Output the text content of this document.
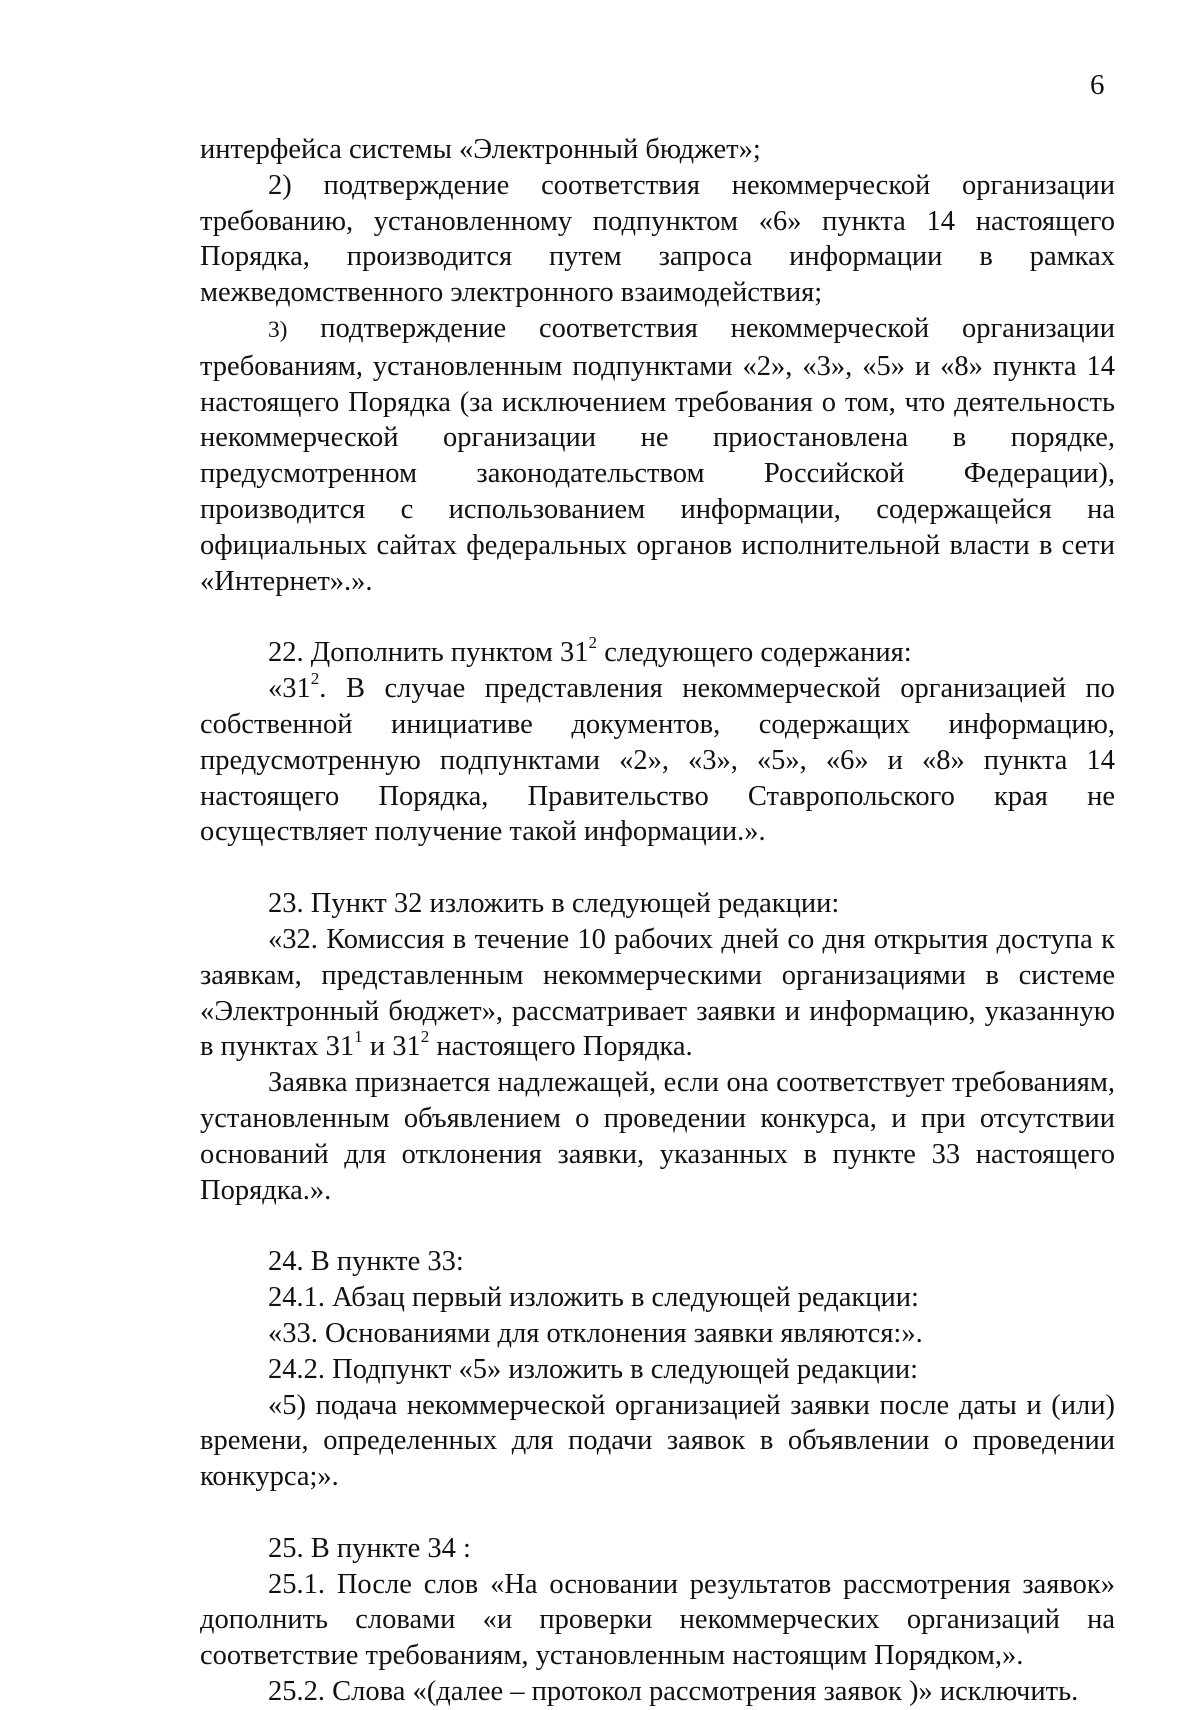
6

интерфейса системы «Электронный бюджет»;

2) подтверждение соответствия некоммерческой организации требованию, установленному подпунктом «6» пункта 14 настоящего Порядка, производится путем запроса информации в рамках межведомственного электронного взаимодействия;

3) подтверждение соответствия некоммерческой организации требованиям, установленным подпунктами «2», «3», «5» и «8» пункта 14 настоящего Порядка (за исключением требования о том, что деятельность некоммерческой организации не приостановлена в порядке, предусмотренном законодательством Российской Федерации), производится с использованием информации, содержащейся на официальных сайтах федеральных органов исполнительной власти в сети «Интернет».».

22. Дополнить пунктом $31^2$ следующего содержания:

«$31^2$. В случае представления некоммерческой организацией по собственной инициативе документов, содержащих информацию, предусмотренную подпунктами «2», «3», «5», «6» и «8» пункта 14 настоящего Порядка, Правительство Ставропольского края не осуществляет получение такой информации.».

23. Пункт 32 изложить в следующей редакции:

«32. Комиссия в течение 10 рабочих дней со дня открытия доступа к заявкам, представленным некоммерческими организациями в системе «Электронный бюджет», рассматривает заявки и информацию, указанную в пунктах $31^1$ и $31^2$ настоящего Порядка.

Заявка признается надлежащей, если она соответствует требованиям, установленным объявлением о проведении конкурса, и при отсутствии оснований для отклонения заявки, указанных в пункте 33 настоящего Порядка.».

24. В пункте 33:

24.1. Абзац первый изложить в следующей редакции:

«33. Основаниями для отклонения заявки являются:».

24.2. Подпункт «5» изложить в следующей редакции:

«5) подача некоммерческой организацией заявки после даты и (или) времени, определенных для подачи заявок в объявлении о проведении конкурса;».

25. В пункте 34 :

25.1. После слов «На основании результатов рассмотрения заявок» дополнить словами «и проверки некоммерческих организаций на соответствие требованиям, установленным настоящим Порядком,».

25.2. Слова «(далее – протокол рассмотрения заявок )» исключить.
